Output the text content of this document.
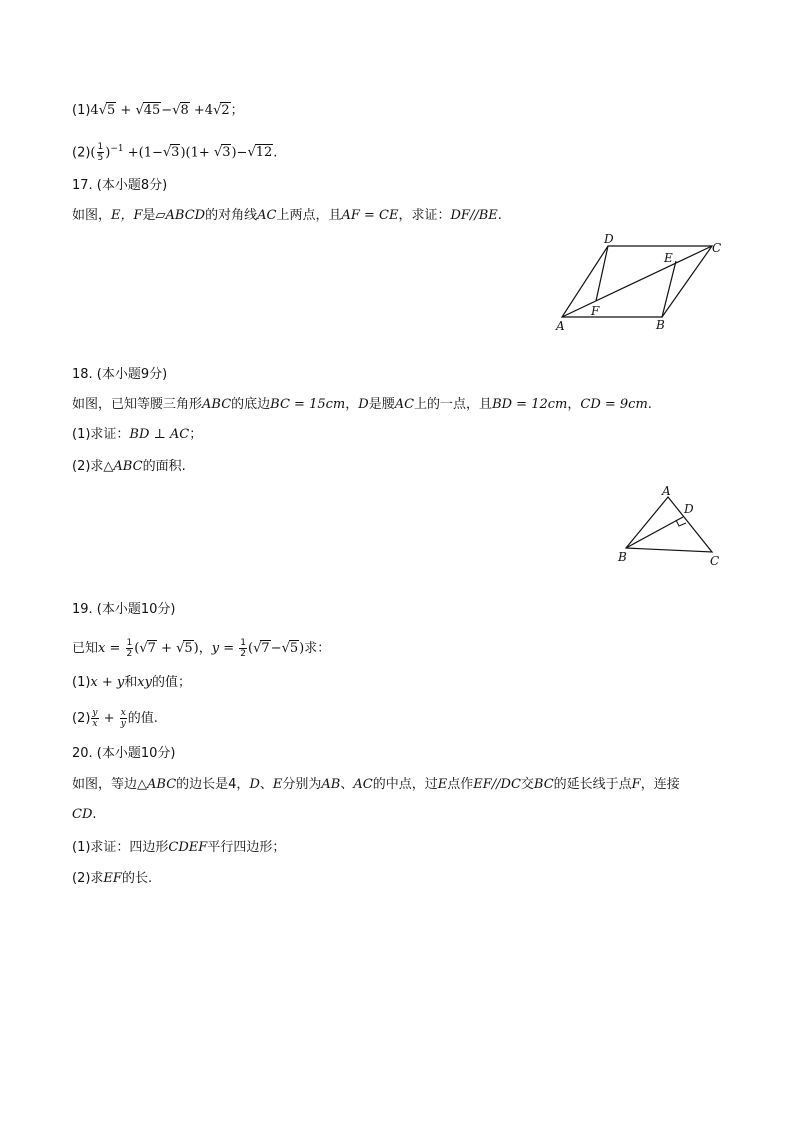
(1)4√5 + √45−√8 +4√2；
$(2)( \frac{1}{5} )^{-1} +(1-√3)(1+ √3)-√12$.
17. (本小题8分)
如图，E，F是▱ABCD的对角线AC上两点，且AF = CE，求证：DF//BE.
A	B
C
D
E
F
18. (本小题9分)
如图，已知等腰三角形ABC的底边BC = 15cm，D是腰AC上的一点，且BD = 12cm，CD = 9cm.
(1)求证：BD ⊥ AC；
(2)求△ABC的面积.
A
B	C
D
19. (本小题10分)
已知$x = \frac{1}{2} (√7 + √5)$，$y = \frac{1}{2} (√7-√5)$求：
(1)x + y和xy的值；
$(2) \frac{y}{x} + \frac{x}{y}$ 的值.
20. (本小题10分)
如图，等边△ABC的边长是4，D、E分别为AB、AC的中点，过E点作EF//DC交BC的延长线于点F，连接
CD.
(1)求证：四边形CDEF平行四边形；
(2)求EF的长.
